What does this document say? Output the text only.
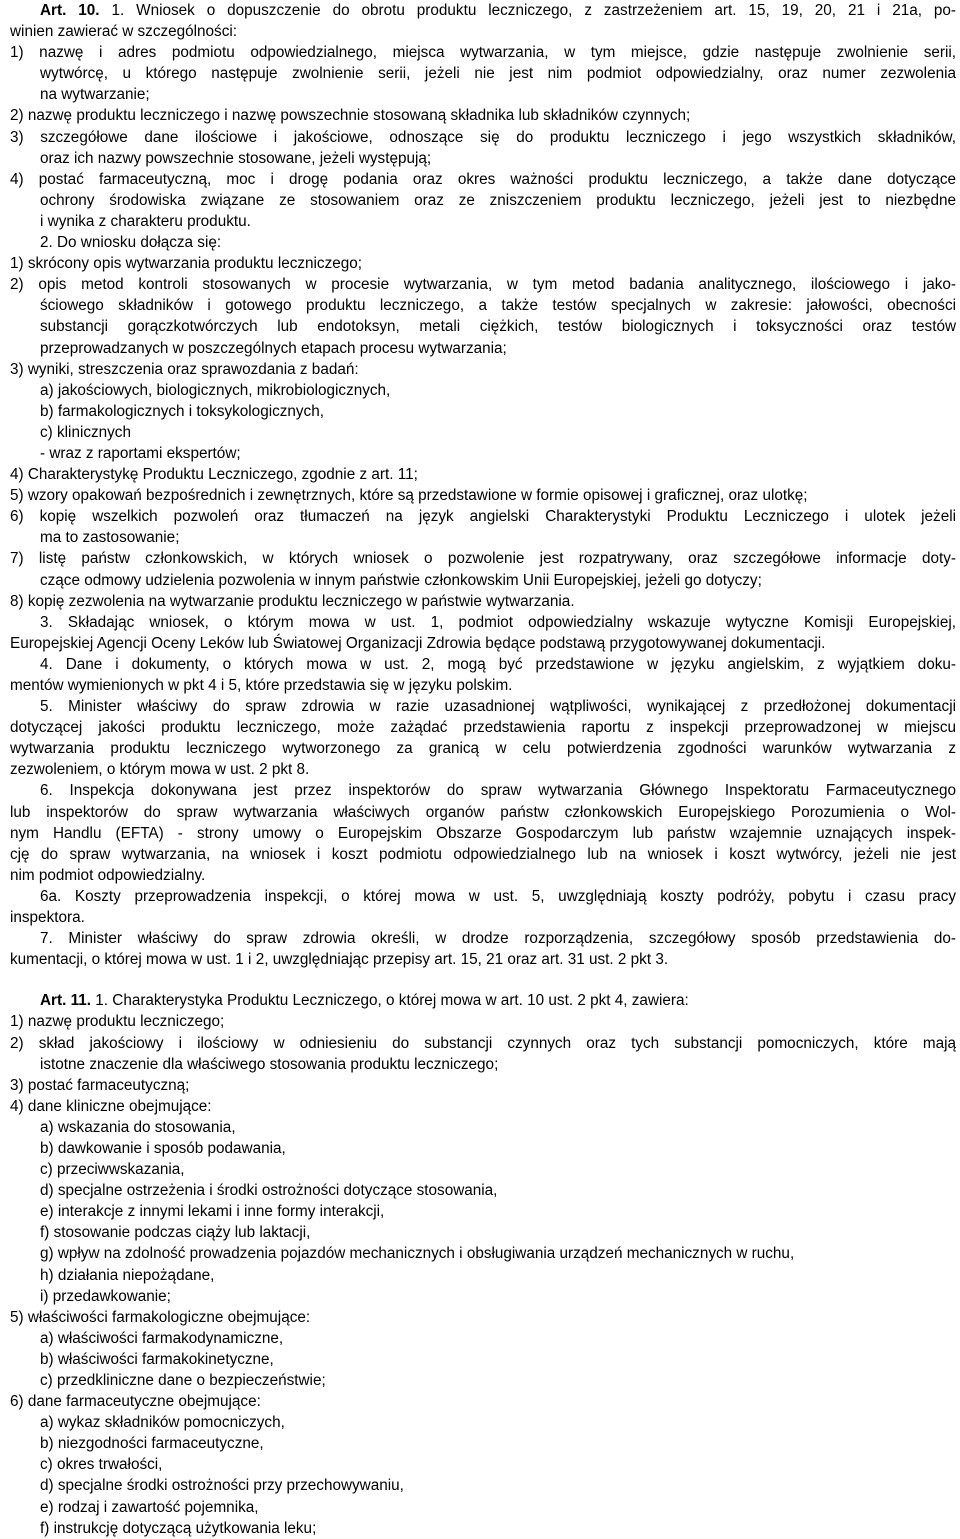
Art. 10. 1. Wniosek o dopuszczenie do obrotu produktu leczniczego, z zastrzeżeniem art. 15, 19, 20, 21 i 21a, po-
winien zawierać w szczególności:
1) nazwę i adres podmiotu odpowiedzialnego, miejsca wytwarzania, w tym miejsce, gdzie następuje zwolnienie serii,
wytwórcę, u którego następuje zwolnienie serii, jeżeli nie jest nim podmiot odpowiedzialny, oraz numer zezwolenia
na wytwarzanie;
2) nazwę produktu leczniczego i nazwę powszechnie stosowaną składnika lub składników czynnych;
3) szczegółowe dane ilościowe i jakościowe, odnoszące się do produktu leczniczego i jego wszystkich składników,
oraz ich nazwy powszechnie stosowane, jeżeli występują;
4) postać farmaceutyczną, moc i drogę podania oraz okres ważności produktu leczniczego, a także dane dotyczące
ochrony środowiska związane ze stosowaniem oraz ze zniszczeniem produktu leczniczego, jeżeli jest to niezbędne
i wynika z charakteru produktu.
2. Do wniosku dołącza się:
1) skrócony opis wytwarzania produktu leczniczego;
2) opis metod kontroli stosowanych w procesie wytwarzania, w tym metod badania analitycznego, ilościowego i jako-
ściowego składników i gotowego produktu leczniczego, a także testów specjalnych w zakresie: jałowości, obecności
substancji gorączkotwórczych lub endotoksyn, metali ciężkich, testów biologicznych i toksyczności oraz testów
przeprowadzanych w poszczególnych etapach procesu wytwarzania;
3) wyniki, streszczenia oraz sprawozdania z badań:
a) jakościowych, biologicznych, mikrobiologicznych,
b) farmakologicznych i toksykologicznych,
c) klinicznych
- wraz z raportami ekspertów;
4) Charakterystykę Produktu Leczniczego, zgodnie z art. 11;
5) wzory opakowań bezpośrednich i zewnętrznych, które są przedstawione w formie opisowej i graficznej, oraz ulotkę;
6) kopię wszelkich pozwoleń oraz tłumaczeń na język angielski Charakterystyki Produktu Leczniczego i ulotek jeżeli
ma to zastosowanie;
7) listę państw członkowskich, w których wniosek o pozwolenie jest rozpatrywany, oraz szczegółowe informacje doty-
czące odmowy udzielenia pozwolenia w innym państwie członkowskim Unii Europejskiej, jeżeli go dotyczy;
8) kopię zezwolenia na wytwarzanie produktu leczniczego w państwie wytwarzania.
3. Składając wniosek, o którym mowa w ust. 1, podmiot odpowiedzialny wskazuje wytyczne Komisji Europejskiej,
Europejskiej Agencji Oceny Leków lub Światowej Organizacji Zdrowia będące podstawą przygotowywanej dokumentacji.
4. Dane i dokumenty, o których mowa w ust. 2, mogą być przedstawione w języku angielskim, z wyjątkiem doku-
mentów wymienionych w pkt 4 i 5, które przedstawia się w języku polskim.
5. Minister właściwy do spraw zdrowia w razie uzasadnionej wątpliwości, wynikającej z przedłożonej dokumentacji
dotyczącej jakości produktu leczniczego, może zażądać przedstawienia raportu z inspekcji przeprowadzonej w miejscu
wytwarzania produktu leczniczego wytworzonego za granicą w celu potwierdzenia zgodności warunków wytwarzania z
zezwoleniem, o którym mowa w ust. 2 pkt 8.
6. Inspekcja dokonywana jest przez inspektorów do spraw wytwarzania Głównego Inspektoratu Farmaceutycznego
lub inspektorów do spraw wytwarzania właściwych organów państw członkowskich Europejskiego Porozumienia o Wol-
nym Handlu (EFTA) - strony umowy o Europejskim Obszarze Gospodarczym lub państw wzajemnie uznających inspek-
cję do spraw wytwarzania, na wniosek i koszt podmiotu odpowiedzialnego lub na wniosek i koszt wytwórcy, jeżeli nie jest
nim podmiot odpowiedzialny.
6a. Koszty przeprowadzenia inspekcji, o której mowa w ust. 5, uwzględniają koszty podróży, pobytu i czasu pracy
inspektora.
7. Minister właściwy do spraw zdrowia określi, w drodze rozporządzenia, szczegółowy sposób przedstawienia do-
kumentacji, o której mowa w ust. 1 i 2, uwzględniając przepisy art. 15, 21 oraz art. 31 ust. 2 pkt 3.
Art. 11. 1. Charakterystyka Produktu Leczniczego, o której mowa w art. 10 ust. 2 pkt 4, zawiera:
1) nazwę produktu leczniczego;
2) skład jakościowy i ilościowy w odniesieniu do substancji czynnych oraz tych substancji pomocniczych, które mają
istotne znaczenie dla właściwego stosowania produktu leczniczego;
3) postać farmaceutyczną;
4) dane kliniczne obejmujące:
a) wskazania do stosowania,
b) dawkowanie i sposób podawania,
c) przeciwwskazania,
d) specjalne ostrzeżenia i środki ostrożności dotyczące stosowania,
e) interakcje z innymi lekami i inne formy interakcji,
f) stosowanie podczas ciąży lub laktacji,
g) wpływ na zdolność prowadzenia pojazdów mechanicznych i obsługiwania urządzeń mechanicznych w ruchu,
h) działania niepożądane,
i) przedawkowanie;
5) właściwości farmakologiczne obejmujące:
a) właściwości farmakodynamiczne,
b) właściwości farmakokinetyczne,
c) przedkliniczne dane o bezpieczeństwie;
6) dane farmaceutyczne obejmujące:
a) wykaz składników pomocniczych,
b) niezgodności farmaceutyczne,
c) okres trwałości,
d) specjalne środki ostrożności przy przechowywaniu,
e) rodzaj i zawartość pojemnika,
f) instrukcję dotyczącą użytkowania leku;
